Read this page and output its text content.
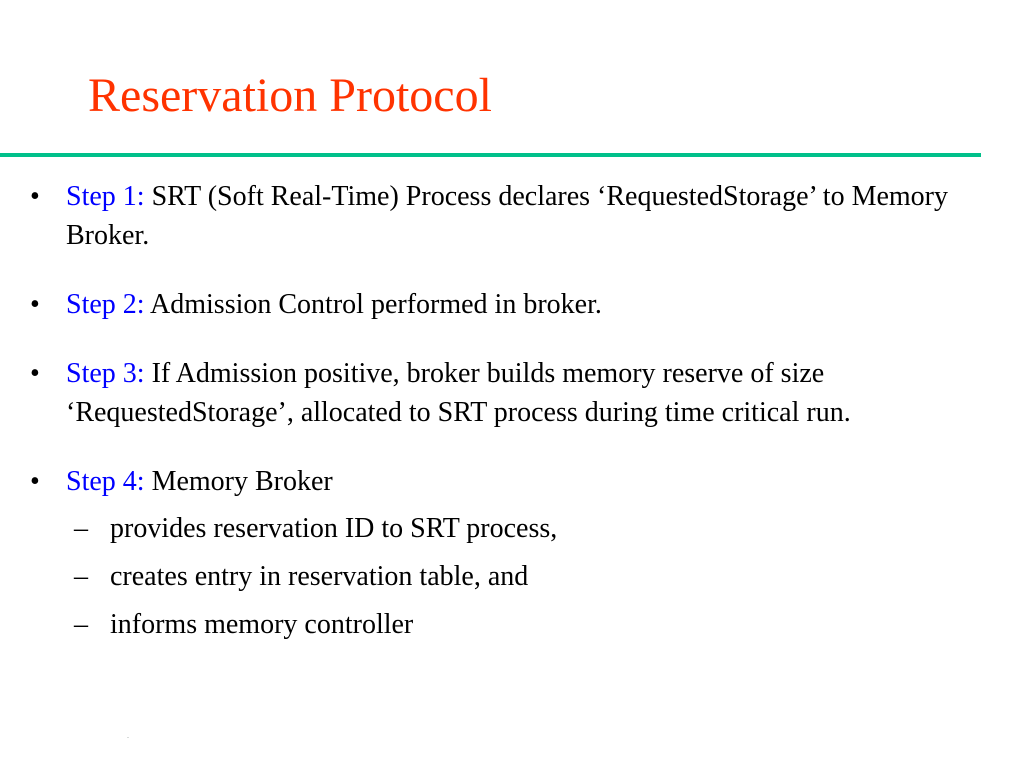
Reservation Protocol
• Step 1: SRT (Soft Real-Time) Process declares ‘RequestedStorage’ to Memory Broker.
• Step 2: Admission Control performed in broker.
• Step 3: If Admission positive, broker builds memory reserve of size ‘RequestedStorage’, allocated to SRT process during time critical run.
• Step 4: Memory Broker
– provides reservation ID to SRT process,
– creates entry in reservation table, and
– informs memory controller
.
